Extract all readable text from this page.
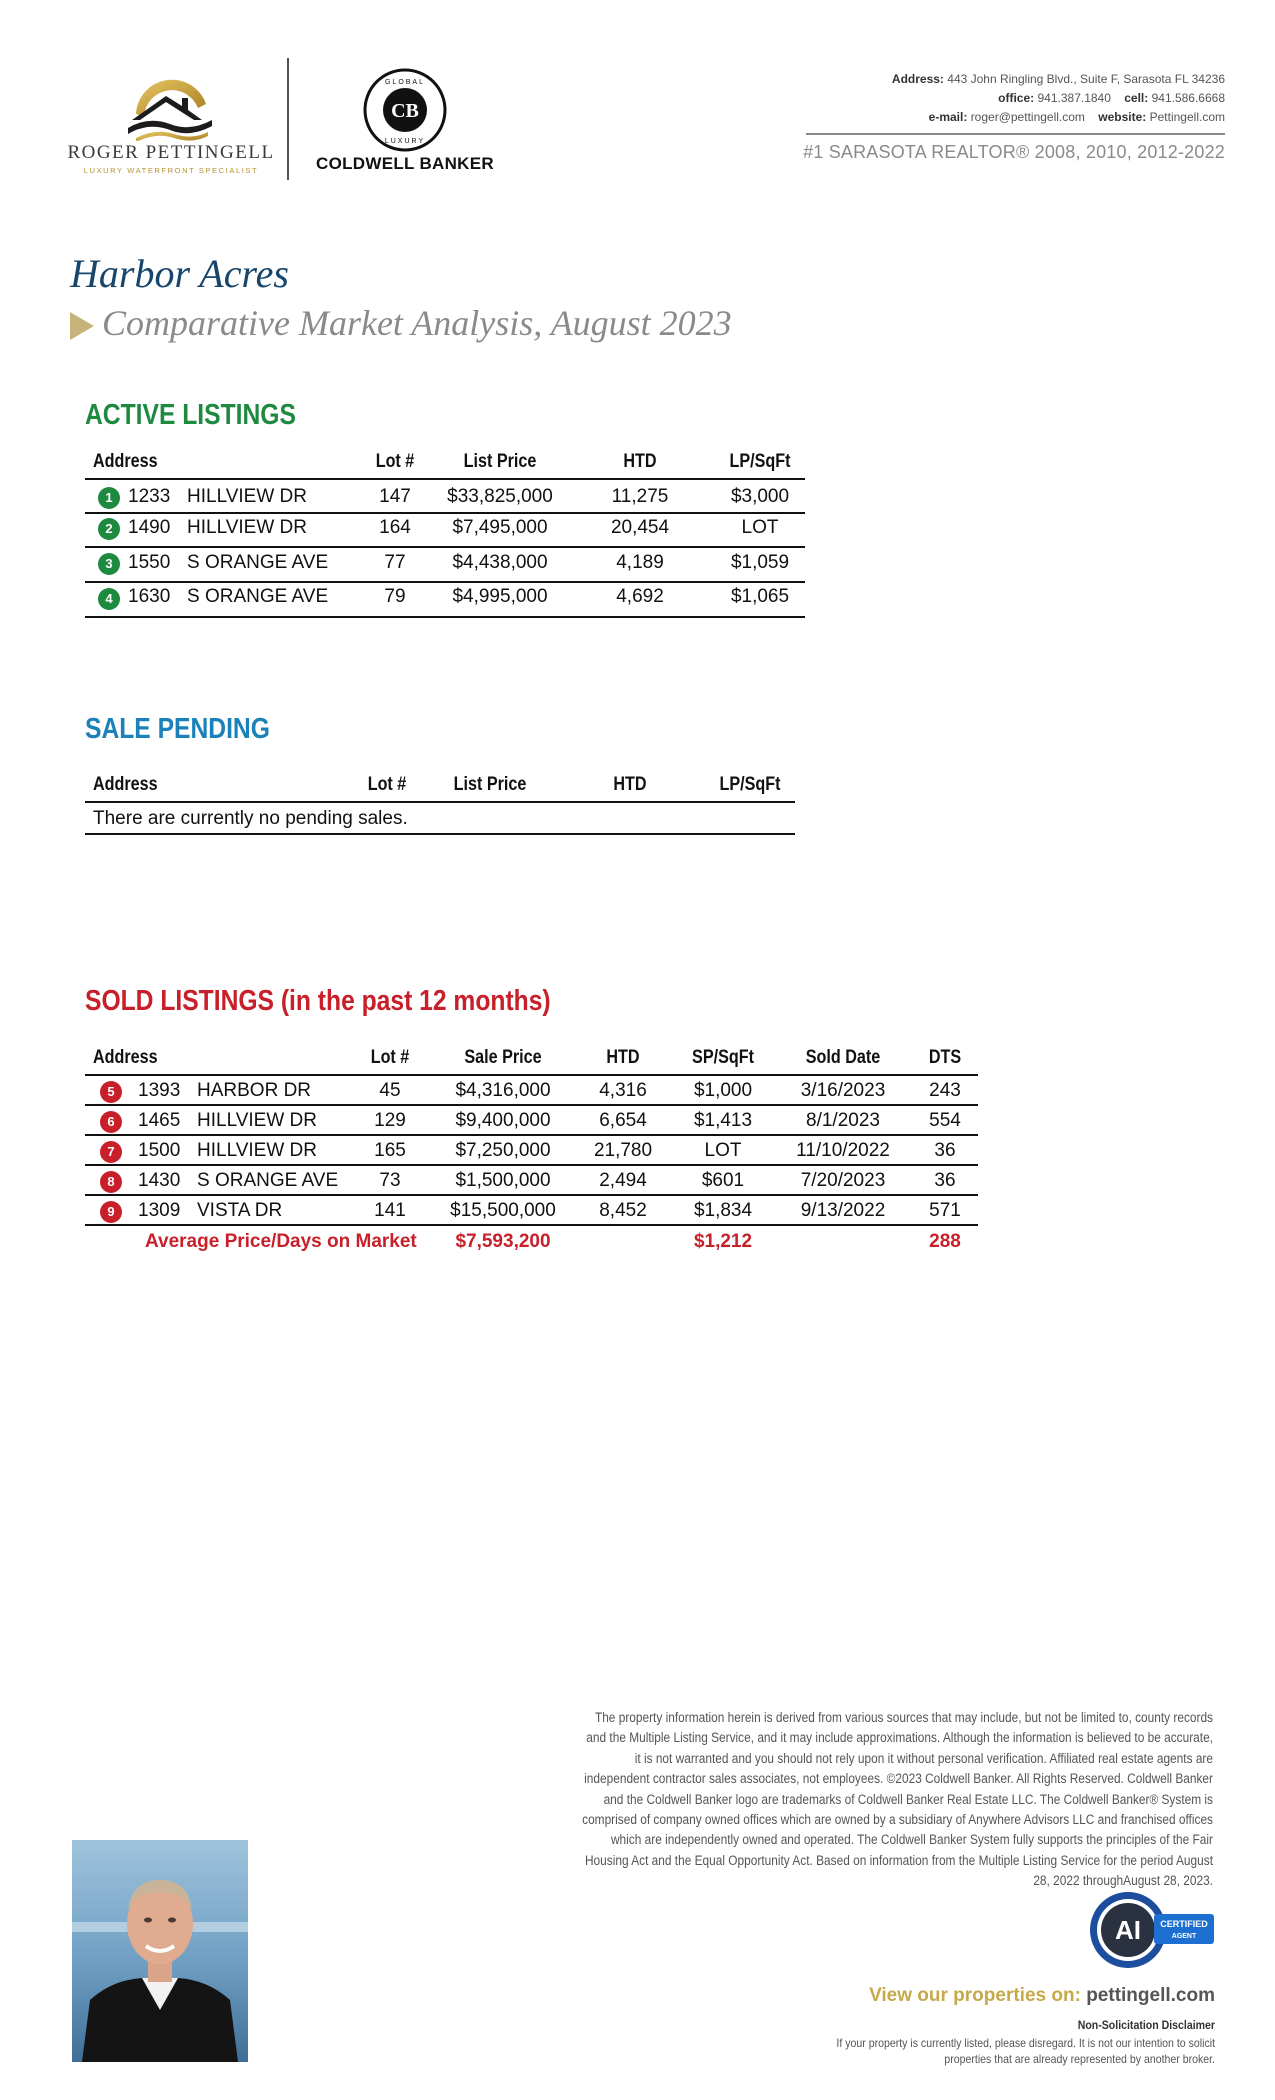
ROGER PETTINGELL
LUXURY WATERFRONT SPECIALIST
CB
GLOBAL
LUXURY
COLDWELL BANKER
Address: 443 John Ringling Blvd., Suite F, Sarasota FL 34236
office: 941.387.1840 cell: 941.586.6668
e-mail: roger@pettingell.com website: Pettingell.com
#1 SARASOTA REALTOR® 2008, 2010, 2012-2022
Harbor Acres
Comparative Market Analysis, August 2023
ACTIVE LISTINGS
Address	Lot #	List Price	HTD	LP/SqFt
1 1233 HILLVIEW DR	147	$33,825,000	11,275	$3,000
2 1490 HILLVIEW DR	164	$7,495,000	20,454	LOT
3 1550 S ORANGE AVE	77	$4,438,000	4,189	$1,059
4 1630 S ORANGE AVE	79	$4,995,000	4,692	$1,065
SALE PENDING
Address	Lot #	List Price	HTD	LP/SqFt
There are currently no pending sales.
SOLD LISTINGS (in the past 12 months)
Address	Lot #	Sale Price	HTD	SP/SqFt	Sold Date	DTS
5	1393 HARBOR DR	45	$4,316,000	4,316	$1,000	3/16/2023	243
6	1465 HILLVIEW DR	129	$9,400,000	6,654	$1,413	8/1/2023	554
7	1500 HILLVIEW DR	165	$7,250,000	21,780	LOT	11/10/2022	36
8	1430 S ORANGE AVE	73	$1,500,000	2,494	$601	7/20/2023	36
9	1309 VISTA DR	141	$15,500,000	8,452	$1,834	9/13/2022	571
Average Price/Days on Market	$7,593,200	$1,212	288
The property information herein is derived from various sources that may include, but not be limited to, county records and the Multiple Listing Service, and it may include approximations. Although the information is believed to be accurate, it is not warranted and you should not rely upon it without personal verification. Affiliated real estate agents are independent contractor sales associates, not employees. ©2023 Coldwell Banker. All Rights Reserved. Coldwell Banker and the Coldwell Banker logo are trademarks of Coldwell Banker Real Estate LLC. The Coldwell Banker® System is comprised of company owned offices which are owned by a subsidiary of Anywhere Advisors LLC and franchised offices which are independently owned and operated. The Coldwell Banker System fully supports the principles of the Fair Housing Act and the Equal Opportunity Act. Based on information from the Multiple Listing Service for the period August 28, 2022 throughAugust 28, 2023.
AI CERTIFIED
AGENT
View our properties on: pettingell.com
Non-Solicitation Disclaimer
If your property is currently listed, please disregard. It is not our intention to solicit properties that are already represented by another broker.
